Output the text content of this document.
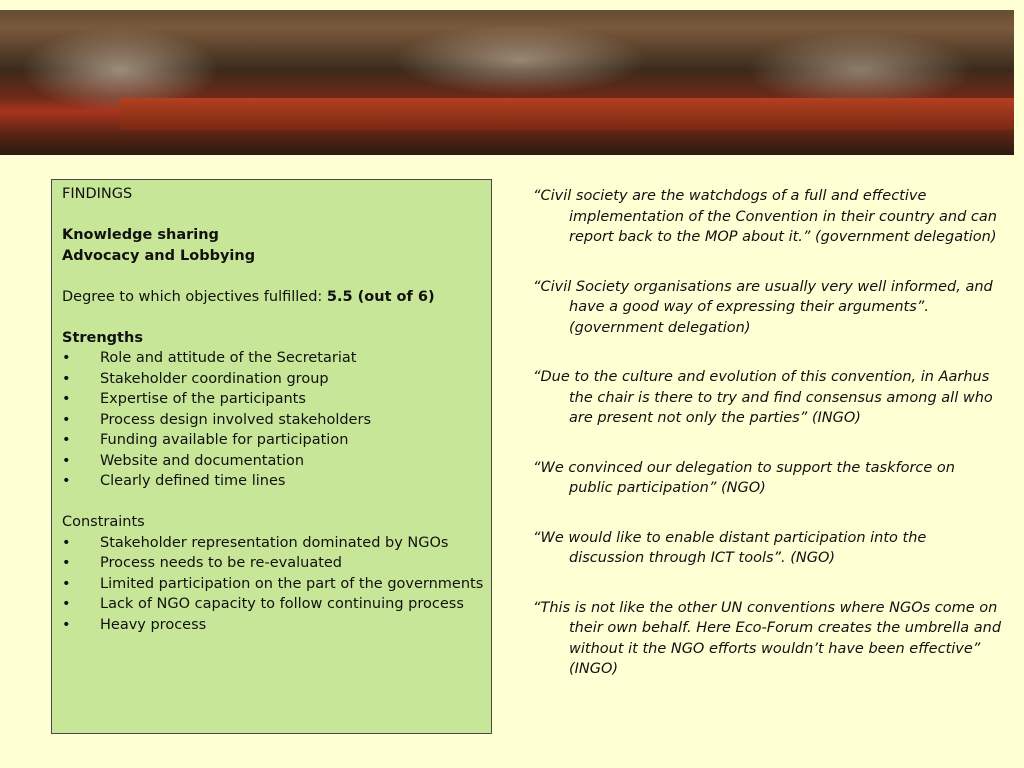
FINDINGS
Knowledge sharing
Advocacy and Lobbying
Degree to which objectives fulfilled: 5.5 (out of 6)
Strengths
• Role and attitude of the Secretariat
• Stakeholder coordination group
• Expertise of the participants
• Process design involved stakeholders
• Funding available for participation
• Website and documentation
• Clearly defined time lines
Constraints
• Stakeholder representation dominated by NGOs
• Process needs to be re-evaluated
• Limited participation on the part of the governments
• Lack of NGO capacity to follow continuing process
• Heavy process

“Civil society are the watchdogs of a full and effective implementation of the Convention in their country and can report back to the MOP about it.” (government delegation)

“Civil Society organisations are usually very well informed, and have a good way of expressing their arguments”. (government delegation)

“Due to the culture and evolution of this convention, in Aarhus the chair is there to try and find consensus among all who are present not only the parties” (INGO)

“We convinced our delegation to support the taskforce on public participation” (NGO)

“We would like to enable distant participation into the discussion through ICT tools”. (NGO)

“This is not like the other UN conventions where NGOs come on their own behalf. Here Eco-Forum creates the umbrella and without it the NGO efforts wouldn’t have been effective” (INGO)
